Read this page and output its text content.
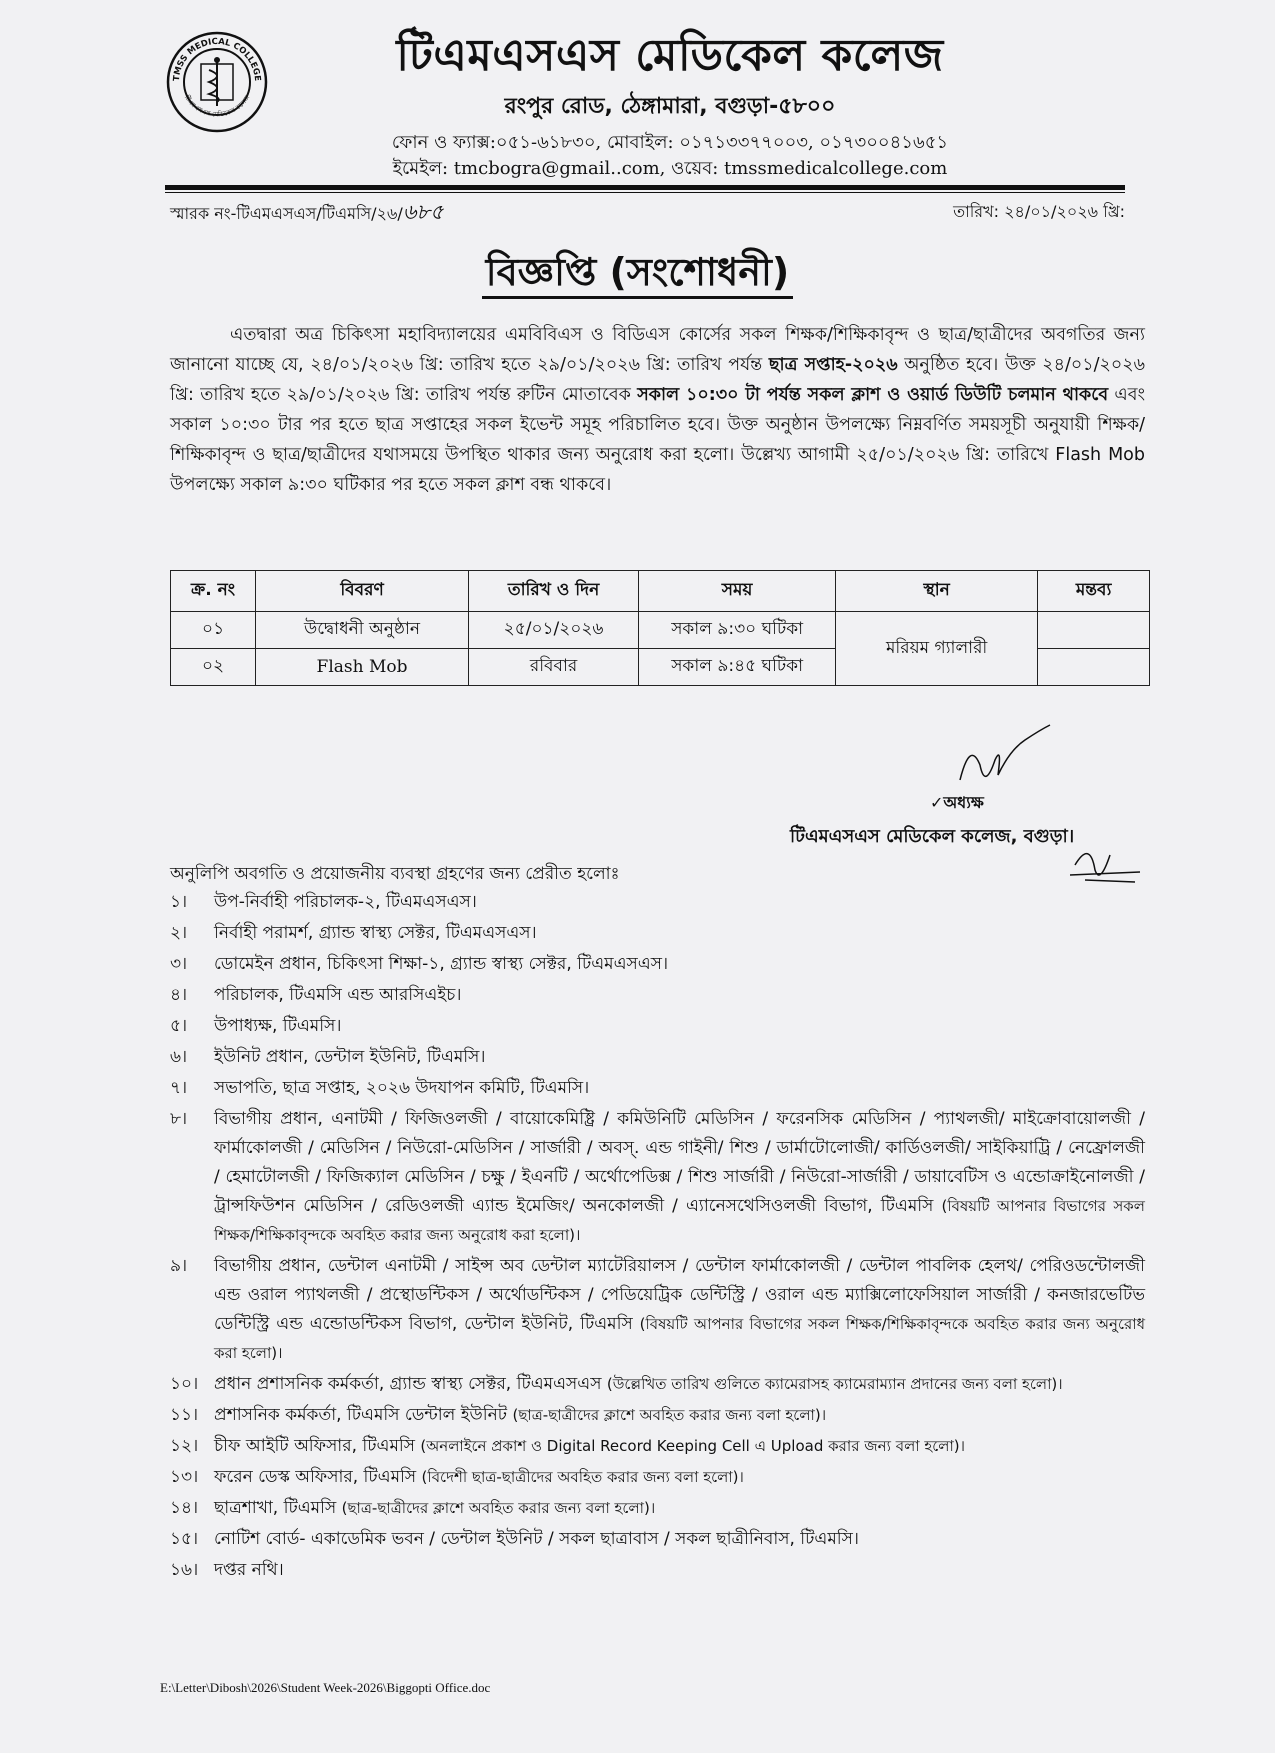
TMSS MEDICAL COLLEGE
টিএমএসএস মেডিকেল কলেজ
টিএমএসএস মেডিকেল কলেজ
রংপুর রোড, ঠেঙ্গামারা, বগুড়া-৫৮০০
ফোন ও ফ্যাক্স:০৫১-৬১৮৩০, মোবাইল: ০১৭১৩৩৭৭০০৩, ০১৭৩০০৪১৬৫১
ইমেইল: tmcbogra@gmail..com, ওয়েব: tmssmedicalcollege.com
স্মারক নং-টিএমএসএস/টিএমসি/২৬/৬৮৫	তারিখ: ২৪/০১/২০২৬ খ্রি:
বিজ্ঞপ্তি (সংশোধনী)

এতদ্বারা অত্র চিকিৎসা মহাবিদ্যালয়ের এমবিবিএস ও বিডিএস কোর্সের সকল শিক্ষক/শিক্ষিকাবৃন্দ ও ছাত্র/ছাত্রীদের অবগতির জন্য জানানো যাচ্ছে যে, ২৪/০১/২০২৬ খ্রি: তারিখ হতে ২৯/০১/২০২৬ খ্রি: তারিখ পর্যন্ত ছাত্র সপ্তাহ-২০২৬ অনুষ্ঠিত হবে। উক্ত ২৪/০১/২০২৬ খ্রি: তারিখ হতে ২৯/০১/২০২৬ খ্রি: তারিখ পর্যন্ত রুটিন মোতাবেক সকাল ১০:৩০ টা পর্যন্ত সকল ক্লাশ ও ওয়ার্ড ডিউটি চলমান থাকবে এবং সকাল ১০:৩০ টার পর হতে ছাত্র সপ্তাহের সকল ইভেন্ট সমূহ পরিচালিত হবে। উক্ত অনুষ্ঠান উপলক্ষ্যে নিম্নবর্ণিত সময়সূচী অনুযায়ী শিক্ষক/শিক্ষিকাবৃন্দ ও ছাত্র/ছাত্রীদের যথাসময়ে উপস্থিত থাকার জন্য অনুরোধ করা হলো। উল্লেখ্য আগামী ২৫/০১/২০২৬ খ্রি: তারিখে Flash Mob উপলক্ষ্যে সকাল ৯:৩০ ঘটিকার পর হতে সকল ক্লাশ বন্ধ থাকবে।

ক্র. নং	বিবরণ	তারিখ ও দিন	সময়	স্থান	মন্তব্য
০১	উদ্বোধনী অনুষ্ঠান	২৫/০১/২০২৬	সকাল ৯:৩০ ঘটিকা	মরিয়ম গ্যালারী	
০২	Flash Mob	রবিবার	সকাল ৯:৪৫ ঘটিকা		
✓অধ্যক্ষ
টিএমএসএস মেডিকেল কলেজ, বগুড়া।
অনুলিপি অবগতি ও প্রয়োজনীয় ব্যবস্থা গ্রহণের জন্য প্রেরীত হলোঃ
১।	উপ-নির্বাহী পরিচালক-২, টিএমএসএস।
২।	নির্বাহী পরামর্শ, গ্র্যান্ড স্বাস্থ্য সেক্টর, টিএমএসএস।
৩।	ডোমেইন প্রধান, চিকিৎসা শিক্ষা-১, গ্র্যান্ড স্বাস্থ্য সেক্টর, টিএমএসএস।
৪।	পরিচালক, টিএমসি এন্ড আরসিএইচ।
৫।	উপাধ্যক্ষ, টিএমসি।
৬।	ইউনিট প্রধান, ডেন্টাল ইউনিট, টিএমসি।
৭।	সভাপতি, ছাত্র সপ্তাহ, ২০২৬ উদযাপন কমিটি, টিএমসি।
৮।	বিভাগীয় প্রধান, এনাটমী / ফিজিওলজী / বায়োকেমিষ্ট্রি / কমিউনিটি মেডিসিন / ফরেনসিক মেডিসিন / প্যাথলজী/ মাইক্রোবায়োলজী / ফার্মাকোলজী / মেডিসিন / নিউরো-মেডিসিন / সার্জারী / অবস্. এন্ড গাইনী/ শিশু / ডার্মাটোলোজী/ কার্ডিওলজী/ সাইকিয়াট্রি / নেফ্রোলজী / হেমাটোলজী / ফিজিক্যাল মেডিসিন / চক্ষু / ইএনটি / অর্থোপেডিক্স / শিশু সার্জারী / নিউরো-সার্জারী / ডায়াবেটিস ও এন্ডোক্রাইনোলজী / ট্রান্সফিউশন মেডিসিন / রেডিওলজী এ্যান্ড ইমেজিং/ অনকোলজী / এ্যানেসথেসিওলজী বিভাগ, টিএমসি (বিষয়টি আপনার বিভাগের সকল শিক্ষক/শিক্ষিকাবৃন্দকে অবহিত করার জন্য অনুরোধ করা হলো)।
৯।	বিভাগীয় প্রধান, ডেন্টাল এনাটমী / সাইন্স অব ডেন্টাল ম্যাটেরিয়ালস / ডেন্টাল ফার্মাকোলজী / ডেন্টাল পাবলিক হেলথ/ পেরিওডন্টোলজী এন্ড ওরাল প্যাথলজী / প্রস্থোডন্টিকস / অর্থোডন্টিকস / পেডিয়েট্রিক ডেন্টিস্ট্রি / ওরাল এন্ড ম্যাক্সিলোফেসিয়াল সার্জারী / কনজারভেটিভ ডেন্টিস্ট্রি এন্ড এন্ডোডন্টিকস বিভাগ, ডেন্টাল ইউনিট, টিএমসি (বিষয়টি আপনার বিভাগের সকল শিক্ষক/শিক্ষিকাবৃন্দকে অবহিত করার জন্য অনুরোধ করা হলো)।
১০। প্রধান প্রশাসনিক কর্মকর্তা, গ্র্যান্ড স্বাস্থ্য সেক্টর, টিএমএসএস (উল্লেখিত তারিখ গুলিতে ক্যামেরাসহ ক্যামেরাম্যান প্রদানের জন্য বলা হলো)।
১১। প্রশাসনিক কর্মকর্তা, টিএমসি ডেন্টাল ইউনিট (ছাত্র-ছাত্রীদের ক্লাশে অবহিত করার জন্য বলা হলো)।
১২। চীফ আইটি অফিসার, টিএমসি (অনলাইনে প্রকাশ ও Digital Record Keeping Cell এ Upload করার জন্য বলা হলো)।
১৩। ফরেন ডেস্ক অফিসার, টিএমসি (বিদেশী ছাত্র-ছাত্রীদের অবহিত করার জন্য বলা হলো)।
১৪। ছাত্রশাখা, টিএমসি (ছাত্র-ছাত্রীদের ক্লাশে অবহিত করার জন্য বলা হলো)।
১৫। নোটিশ বোর্ড- একাডেমিক ভবন / ডেন্টাল ইউনিট / সকল ছাত্রাবাস / সকল ছাত্রীনিবাস, টিএমসি।
১৬। দপ্তর নথি।
E:\Letter\Dibosh\2026\Student Week-2026\Biggopti Office.doc
